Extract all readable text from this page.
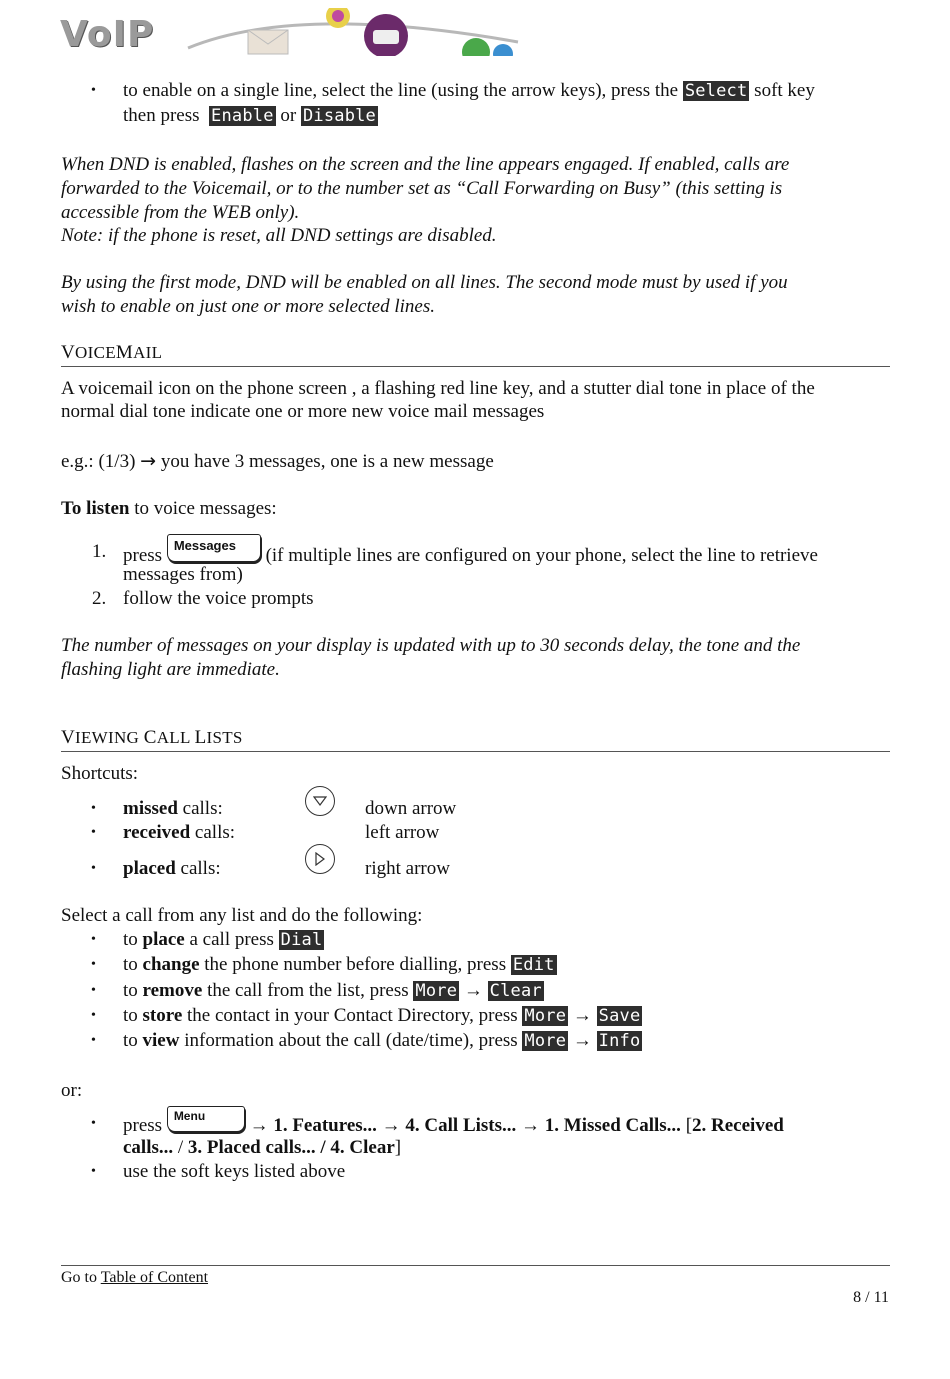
VoIP
• to enable on a single line, select the line (using the arrow keys), press the Select soft key
then press Enable or Disable
When DND is enabled, flashes on the screen and the line appears engaged. If enabled, calls are
forwarded to the Voicemail, or to the number set as “Call Forwarding on Busy” (this setting is
accessible from the WEB only).
Note: if the phone is reset, all DND settings are disabled.
By using the first mode, DND will be enabled on all lines. The second mode must by used if you
wish to enable on just one or more selected lines.
VOICEMAIL
A voicemail icon on the phone screen , a flashing red line key, and a stutter dial tone in place of the
normal dial tone indicate one or more new voice mail messages
e.g.: (1/3) → you have 3 messages, one is a new message
To listen to voice messages:
1. press Messages (if multiple lines are configured on your phone, select the line to retrieve
messages from)
2. follow the voice prompts
The number of messages on your display is updated with up to 30 seconds delay, the tone and the
flashing light are immediate.
VIEWING CALL LISTS
Shortcuts:
• missed calls:	down arrow
• received calls:	left arrow
• placed calls:	right arrow
Select a call from any list and do the following:
• to place a call press Dial
• to change the phone number before dialling, press Edit
• to remove the call from the list, press More → Clear
• to store the contact in your Contact Directory, press More → Save
• to view information about the call (date/time), press More → Info
or:
• press Menu → 1. Features... → 4. Call Lists... → 1. Missed Calls... [2. Received
calls... / 3. Placed calls... / 4. Clear]
• use the soft keys listed above
Go to Table of Content
8 / 11
